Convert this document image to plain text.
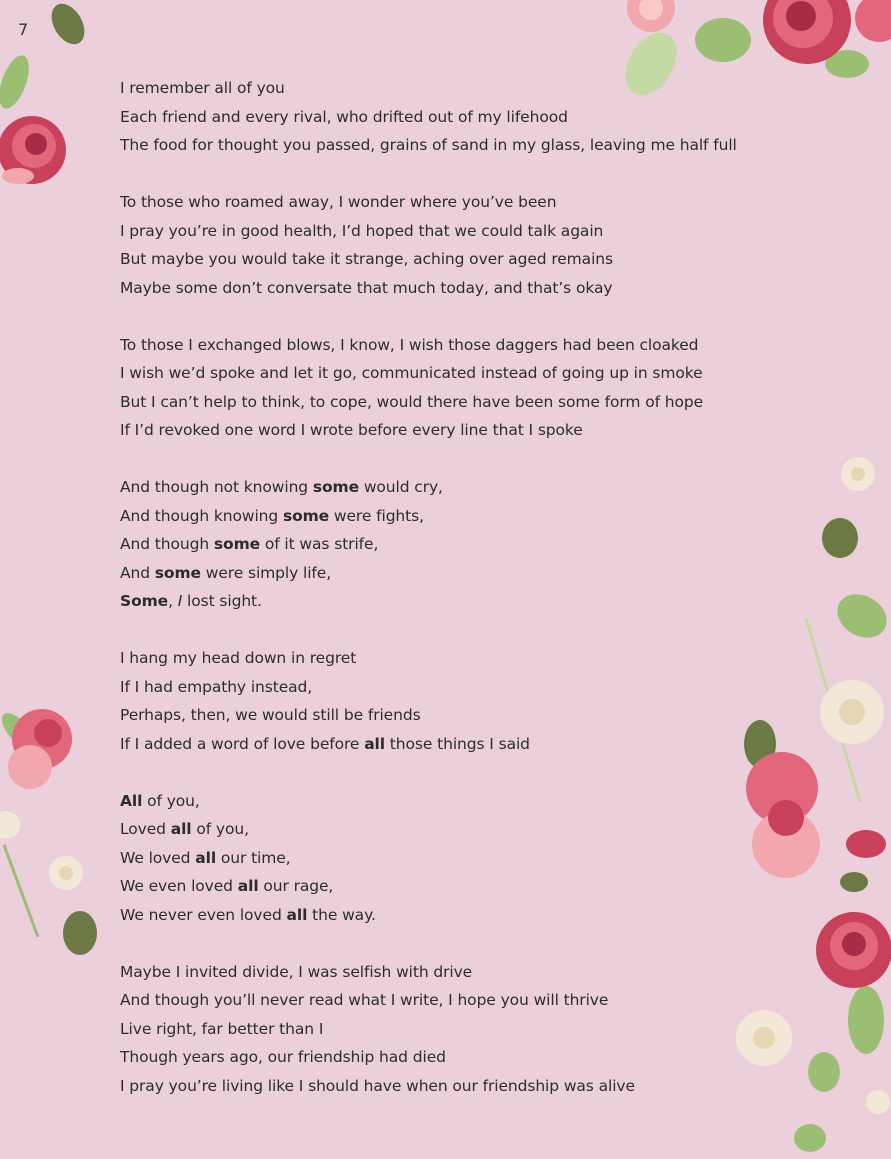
7
I remember all of you
Each friend and every rival, who drifted out of my lifehood
The food for thought you passed, grains of sand in my glass, leaving me half full
To those who roamed away, I wonder where you’ve been
I pray you’re in good health, I’d hoped that we could talk again
But maybe you would take it strange, aching over aged remains
Maybe some don’t conversate that much today, and that’s okay
To those I exchanged blows, I know, I wish those daggers had been cloaked
I wish we’d spoke and let it go, communicated instead of going up in smoke
But I can’t help to think, to cope, would there have been some form of hope
If I’d revoked one word I wrote before every line that I spoke
And though not knowing some would cry,
And though knowing some were fights,
And though some of it was strife,
And some were simply life,
Some, I lost sight.
I hang my head down in regret
If I had empathy instead,
Perhaps, then, we would still be friends
If I added a word of love before all those things I said
All of you,
Loved all of you,
We loved all our time,
We even loved all our rage,
We never even loved all the way.
Maybe I invited divide, I was selfish with drive
And though you’ll never read what I write, I hope you will thrive
Live right, far better than I
Though years ago, our friendship had died
I pray you’re living like I should have when our friendship was alive
